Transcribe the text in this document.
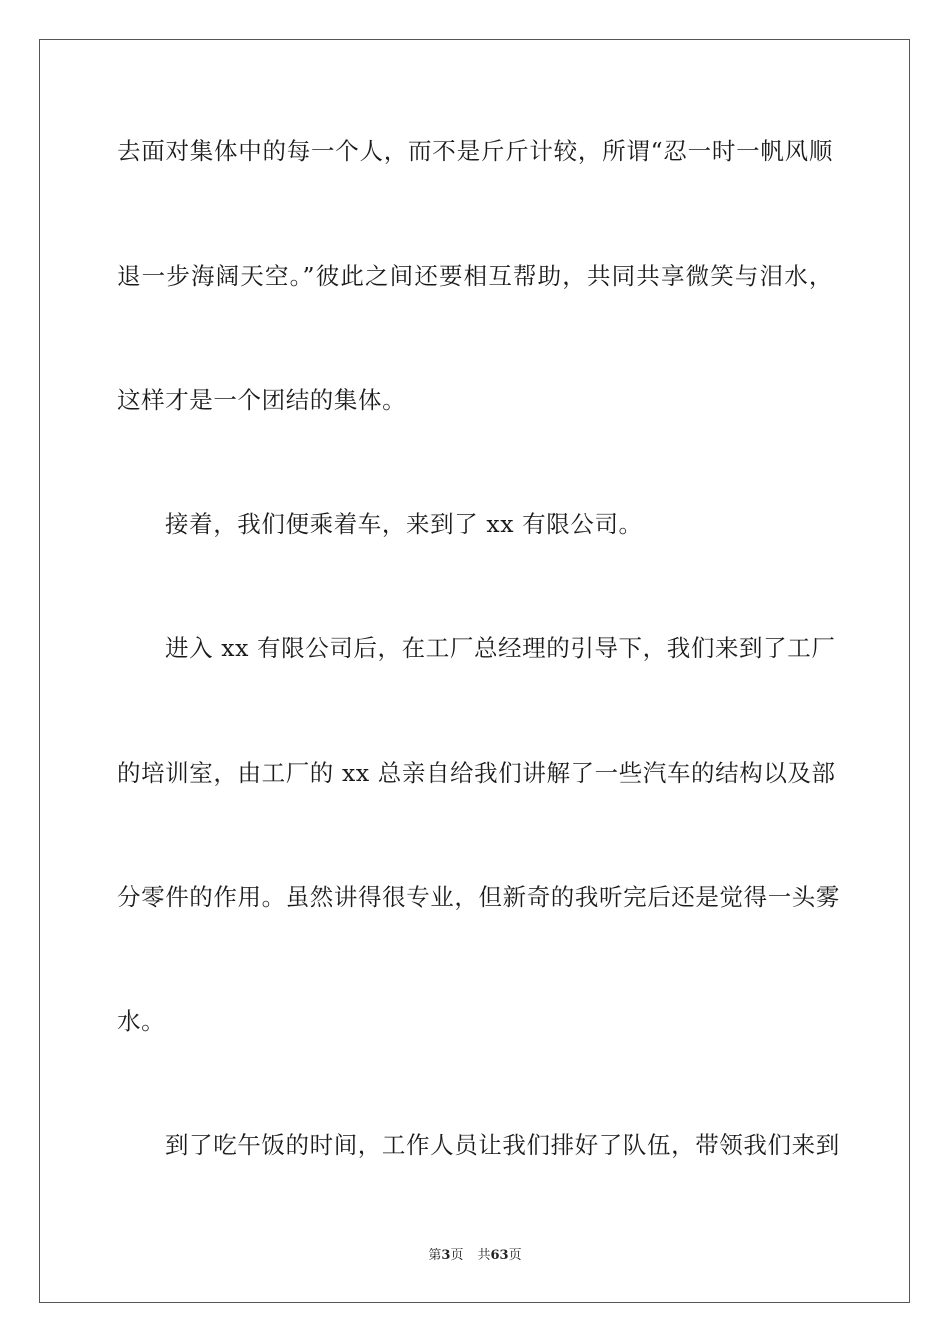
去面对集体中的每一个人，而不是斤斤计较，所谓“忍一时一帆风顺
退一步海阔天空。”彼此之间还要相互帮助，共同共享微笑与泪水，
这样才是一个团结的集体。
接着，我们便乘着车，来到了 xx 有限公司。
进入 xx 有限公司后，在工厂总经理的引导下，我们来到了工厂
的培训室，由工厂的 xx 总亲自给我们讲解了一些汽车的结构以及部
分零件的作用。虽然讲得很专业，但新奇的我听完后还是觉得一头雾
水。
到了吃午饭的时间，工作人员让我们排好了队伍，带领我们来到
第3页 共63页
